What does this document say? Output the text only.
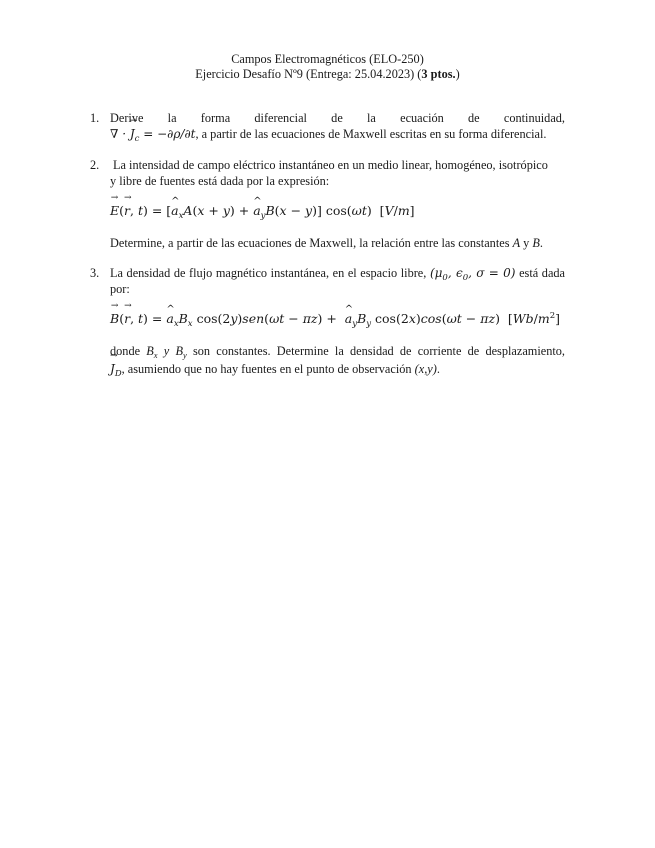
Campos Electromagnéticos (ELO-250)
Ejercicio Desafío Nº9 (Entrega: 25.04.2023) (3 ptos.)
1. Derive la forma diferencial de la ecuación de continuidad,
∇ · → $J_c = -\partial\rho/\partial t$, a partir de las ecuaciones de Maxwell escritas en su forma diferencial.
2. La intensidad de campo eléctrico instantáneo en un medio linear, homogéneo, isotrópico
y libre de fuentes está dada por la expresión:
→ E(→ r, t) = [^ $a_xA(x + y)$ + ^ $a_yB(x - y)$] cos(ωt)  [V/m]
Determine, a partir de las ecuaciones de Maxwell, la relación entre las constantes A y B.
3. La densidad de flujo magnético instantánea, en el espacio libre, ($\mu_0$, $\epsilon_0$, σ = 0) está dada
por:
→ B(→ r, t) = ^ $a_xB_x$ cos(2y)sen(ωt − πz) +  ^ $a_yB_y$ cos(2x)cos(ωt − πz)  $[Wb/m^2]$
donde $B_x$ y $B_y$ son constantes. Determine la densidad de corriente de desplazamiento,
→ $J_D$, asumiendo que no hay fuentes en el punto de observación (x,y).
